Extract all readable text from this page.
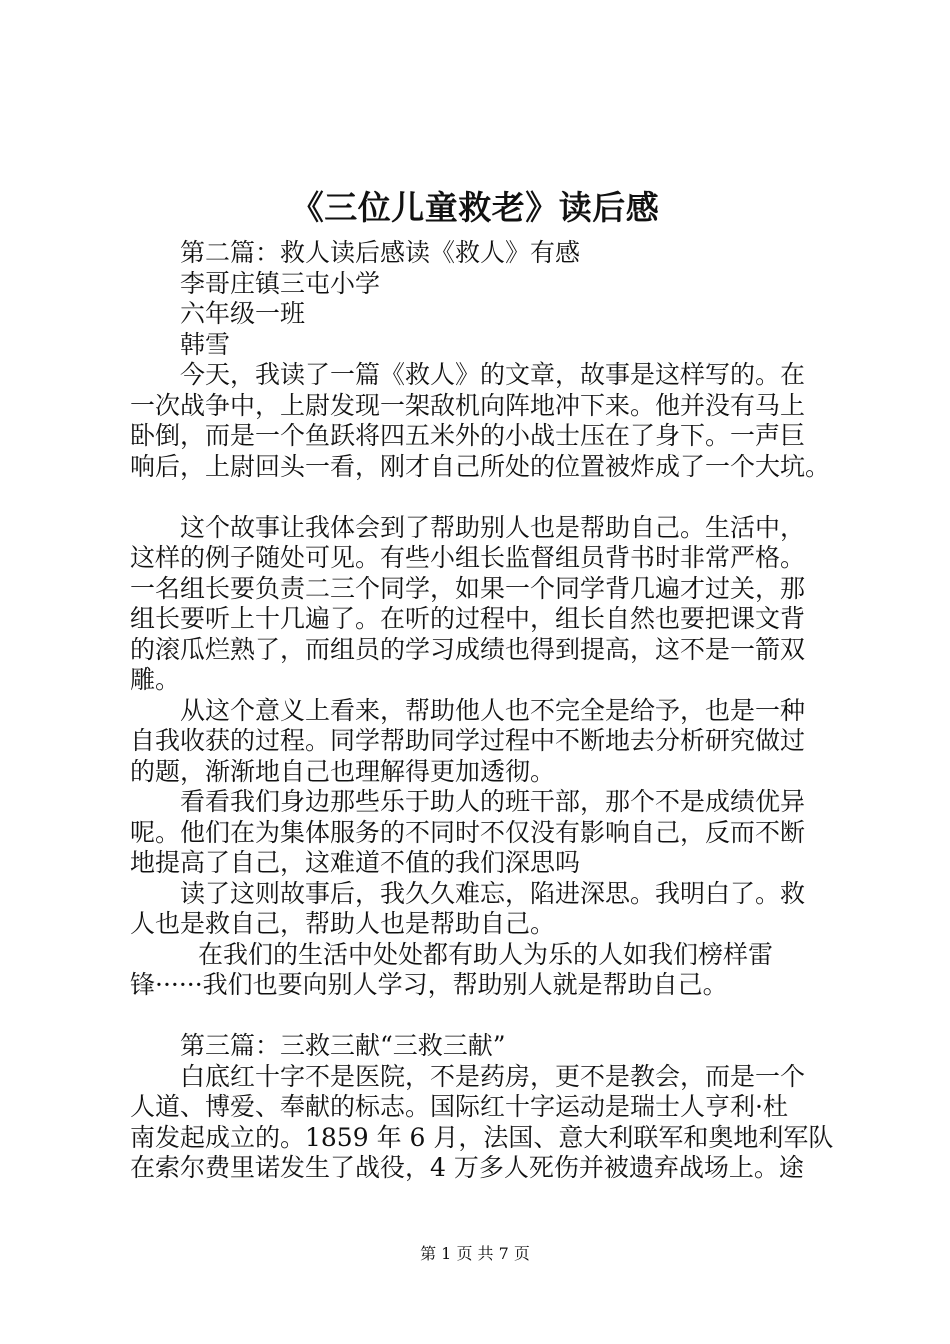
《三位儿童救老》读后感
第二篇：救人读后感读《救人》有感
李哥庄镇三屯小学
六年级一班
韩雪
今天，我读了一篇《救人》的文章，故事是这样写的。在
一次战争中，上尉发现一架敌机向阵地冲下来。他并没有马上
卧倒，而是一个鱼跃将四五米外的小战士压在了身下。一声巨
响后，上尉回头一看，刚才自己所处的位置被炸成了一个大坑。
这个故事让我体会到了帮助别人也是帮助自己。生活中，
这样的例子随处可见。有些小组长监督组员背书时非常严格。
一名组长要负责二三个同学，如果一个同学背几遍才过关，那
组长要听上十几遍了。在听的过程中，组长自然也要把课文背
的滚瓜烂熟了，而组员的学习成绩也得到提高，这不是一箭双
雕。
从这个意义上看来，帮助他人也不完全是给予，也是一种
自我收获的过程。同学帮助同学过程中不断地去分析研究做过
的题，渐渐地自己也理解得更加透彻。
看看我们身边那些乐于助人的班干部，那个不是成绩优异
呢。他们在为集体服务的不同时不仅没有影响自己，反而不断
地提高了自己，这难道不值的我们深思吗
读了这则故事后，我久久难忘，陷进深思。我明白了。救
人也是救自己，帮助人也是帮助自己。
在我们的生活中处处都有助人为乐的人如我们榜样雷
锋······我们也要向别人学习，帮助别人就是帮助自己。
第三篇：三救三献“三救三献”
白底红十字不是医院，不是药房，更不是教会，而是一个
人道、博爱、奉献的标志。国际红十字运动是瑞士人亨利·杜
南发起成立的。1859 年 6 月，法国、意大利联军和奥地利军队
在索尔费里诺发生了战役，4 万多人死伤并被遗弃战场上。途
第 1 页 共 7 页
